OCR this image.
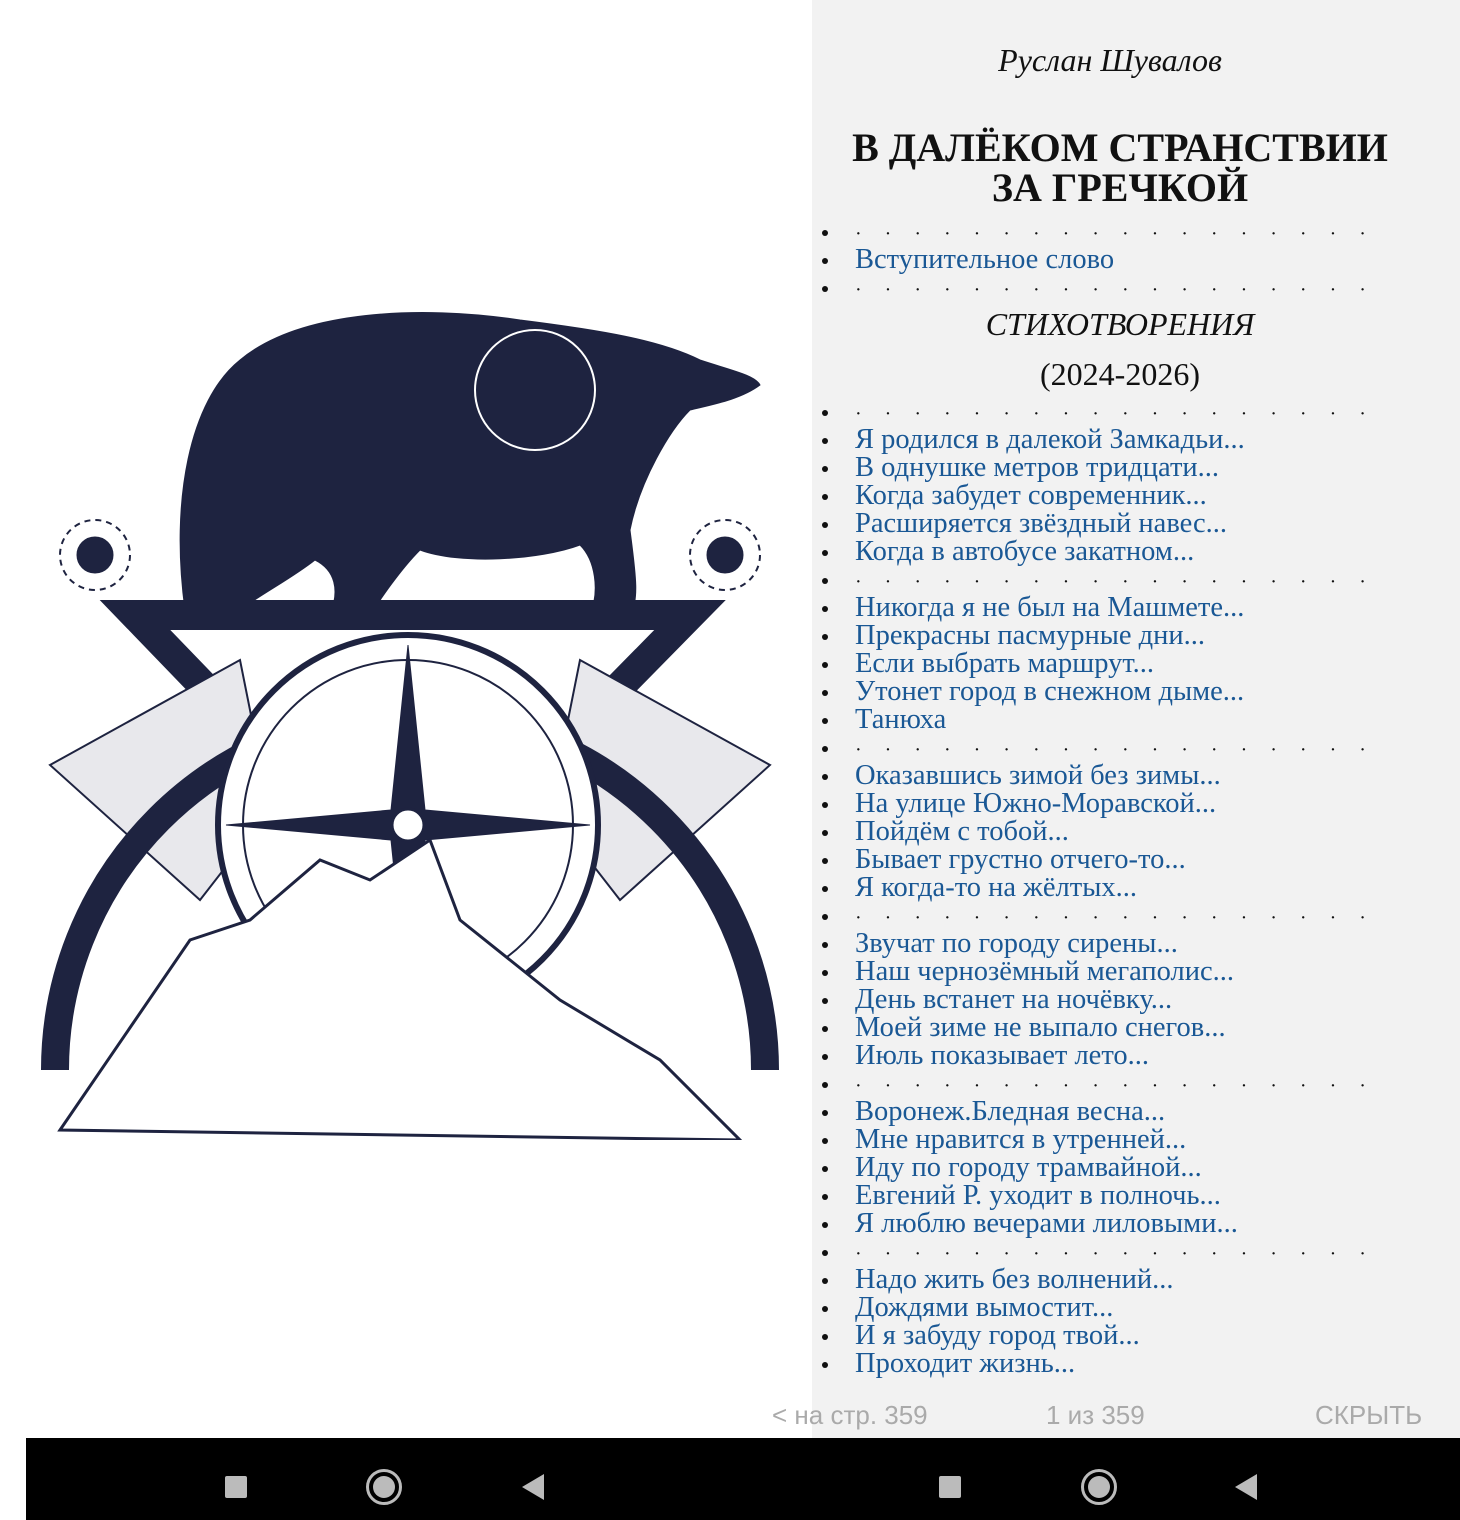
Руслан Шувалов
В ДАЛЁКОМ СТРАНСТВИИ
ЗА ГРЕЧКОЙ
· · · · · · · · · · · · · · · · · ·
Вступительное слово
· · · · · · · · · · · · · · · · · ·
СТИХОТВОРЕНИЯ
(2024-2026)
· · · · · · · · · · · · · · · · · ·
Я родился в далекой Замкадьи...
В однушке метров тридцати...
Когда забудет современник...
Расширяется звёздный навес...
Когда в автобусе закатном...
· · · · · · · · · · · · · · · · · ·
Никогда я не был на Машмете...
Прекрасны пасмурные дни...
Если выбрать маршрут...
Утонет город в снежном дыме...
Танюха
· · · · · · · · · · · · · · · · · ·
Оказавшись зимой без зимы...
На улице Южно-Моравской...
Пойдём с тобой...
Бывает грустно отчего-то...
Я когда-то на жёлтых...
· · · · · · · · · · · · · · · · · ·
Звучат по городу сирены...
Наш чернозёмный мегаполис...
День встанет на ночёвку...
Моей зиме не выпало снегов...
Июль показывает лето...
· · · · · · · · · · · · · · · · · ·
Воронеж.Бледная весна...
Мне нравится в утренней...
Иду по городу трамвайной...
Евгений Р. уходит в полночь...
Я люблю вечерами лиловыми...
· · · · · · · · · · · · · · · · · ·
Надо жить без волнений...
Дождями вымостит...
И я забуду город твой...
Проходит жизнь...
< на стр. 359	1 из 359	СКРЫТЬ
